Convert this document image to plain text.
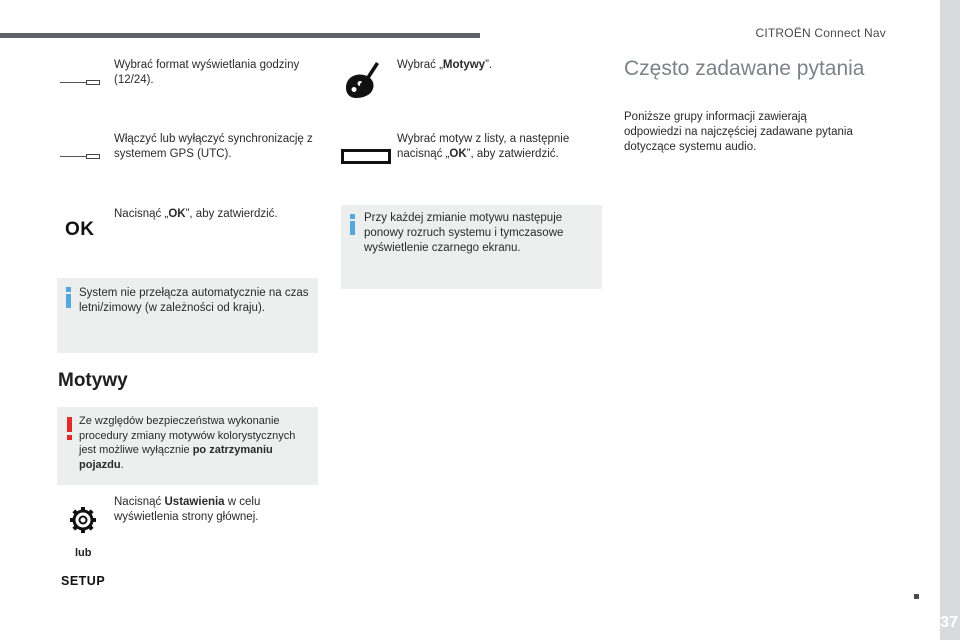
CITROËN Connect Nav
37
Wybrać format wyświetlania godziny (12/24).
Włączyć lub wyłączyć synchronizację z systemem GPS (UTC).
OK
Nacisnąć „OK”, aby zatwierdzić.
System nie przełącza automatycznie na czas letni/zimowy (w zależności od kraju).
Motywy
Ze względów bezpieczeństwa wykonanie procedury zmiany motywów kolorystycznych jest możliwe wyłącznie po zatrzymaniu pojazdu.
Nacisnąć Ustawienia w celu wyświetlenia strony głównej.
lub
SETUP
Wybrać „Motywy”.
Wybrać motyw z listy, a następnie nacisnąć „OK”, aby zatwierdzić.
Przy każdej zmianie motywu następuje ponowy rozruch systemu i tymczasowe wyświetlenie czarnego ekranu.
Często zadawane pytania
Poniższe grupy informacji zawierają odpowiedzi na najczęściej zadawane pytania dotyczące systemu audio.
